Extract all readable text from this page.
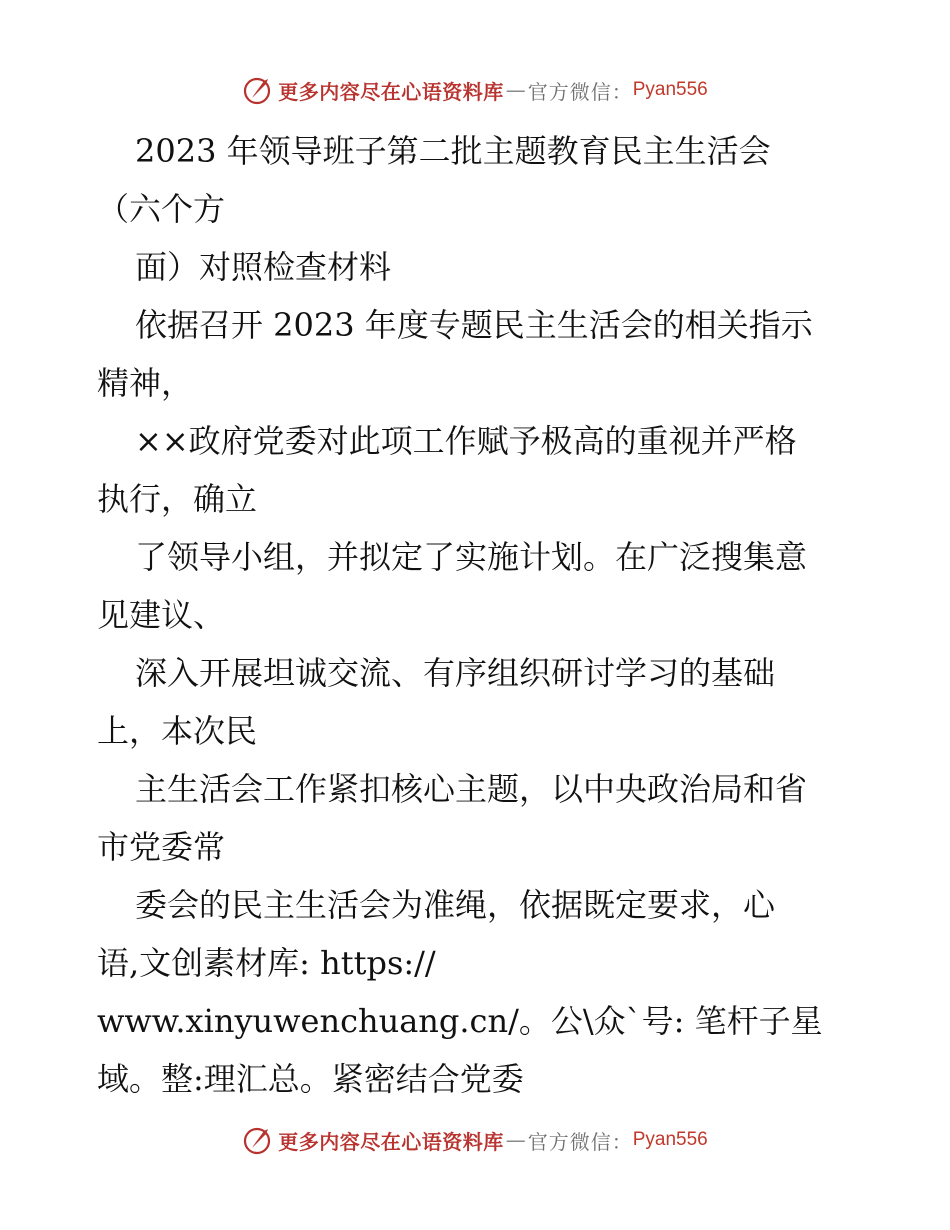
更多内容尽在心语资料库 — 官方微信： Pyan556
2023 年领导班子第二批主题教育民主生活会
（六个方
面）对照检查材料
依据召开 2023 年度专题民主生活会的相关指示
精神，
××政府党委对此项工作赋予极高的重视并严格
执行，确立
了领导小组，并拟定了实施计划。在广泛搜集意
见建议、
深入开展坦诚交流、有序组织研讨学习的基础
上，本次民
主生活会工作紧扣核心主题，以中央政治局和省
市党委常
委会的民主生活会为准绳，依据既定要求，心
语,文创素材库: https://
www.xinyuwenchuang.cn/。公\众`号: 笔杆子星
域。整:理汇总。紧密结合党委
更多内容尽在心语资料库 — 官方微信： Pyan556
